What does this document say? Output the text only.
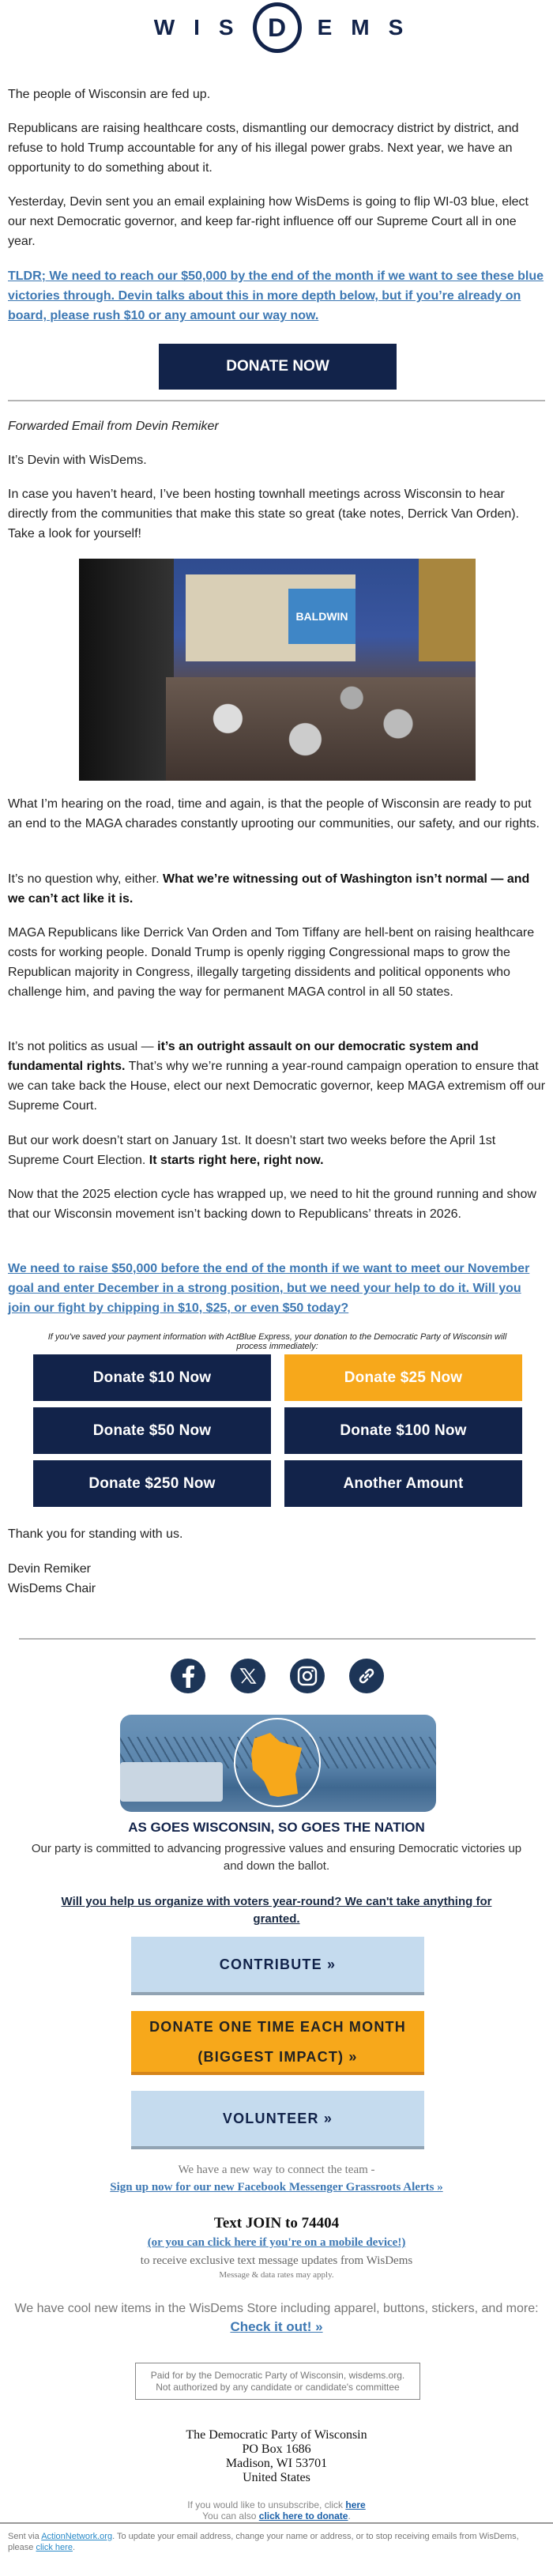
WIS D EMS

The people of Wisconsin are fed up.

Republicans are raising healthcare costs, dismantling our democracy district by district, and refuse to hold Trump accountable for any of his illegal power grabs. Next year, we have an opportunity to do something about it.

Yesterday, Devin sent you an email explaining how WisDems is going to flip WI-03 blue, elect our next Democratic governor, and keep far-right influence off our Supreme Court all in one year.

TLDR; We need to reach our $50,000 by the end of the month if we want to see these blue victories through. Devin talks about this in more depth below, but if you’re already on board, please rush $10 or any amount our way now.

DONATE NOW

Forwarded Email from Devin Remiker

It’s Devin with WisDems.

In case you haven’t heard, I’ve been hosting townhall meetings across Wisconsin to hear directly from the communities that make this state so great (take notes, Derrick Van Orden). Take a look for yourself!

BALDWIN

What I’m hearing on the road, time and again, is that the people of Wisconsin are ready to put an end to the MAGA charades constantly uprooting our communities, our safety, and our rights.

It’s no question why, either. What we’re witnessing out of Washington isn’t normal — and we can’t act like it is.

MAGA Republicans like Derrick Van Orden and Tom Tiffany are hell-bent on raising healthcare costs for working people. Donald Trump is openly rigging Congressional maps to grow the Republican majority in Congress, illegally targeting dissidents and political opponents who challenge him, and paving the way for permanent MAGA control in all 50 states.

It’s not politics as usual — it’s an outright assault on our democratic system and fundamental rights. That’s why we’re running a year-round campaign operation to ensure that we can take back the House, elect our next Democratic governor, keep MAGA extremism off our Supreme Court.

But our work doesn’t start on January 1st. It doesn’t start two weeks before the April 1st Supreme Court Election. It starts right here, right now.

Now that the 2025 election cycle has wrapped up, we need to hit the ground running and show that our Wisconsin movement isn’t backing down to Republicans’ threats in 2026.

We need to raise $50,000 before the end of the month if we want to meet our November goal and enter December in a strong position, but we need your help to do it. Will you join our fight by chipping in $10, $25, or even $50 today?

If you've saved your payment information with ActBlue Express, your donation to the Democratic Party of Wisconsin will process immediately:

Donate $10 Now	Donate $25 Now
Donate $50 Now	Donate $100 Now
Donate $250 Now	Another Amount

Thank you for standing with us.

Devin Remiker

WisDems Chair

AS GOES WISCONSIN, SO GOES THE NATION

Our party is committed to advancing progressive values and ensuring Democratic victories up and down the ballot.

Will you help us organize with voters year-round? We can't take anything for granted.

CONTRIBUTE »
DONATE ONE TIME EACH MONTH (BIGGEST IMPACT) »
VOLUNTEER »

We have a new way to connect the team -

Sign up now for our new Facebook Messenger Grassroots Alerts »

Text JOIN to 74404

(or you can click here if you're on a mobile device!)

to receive exclusive text message updates from WisDems

Message & data rates may apply.

We have cool new items in the WisDems Store including apparel, buttons, stickers, and more:

Check it out! »

Paid for by the Democratic Party of Wisconsin, wisdems.org.
Not authorized by any candidate or candidate's committee
The Democratic Party of Wisconsin
PO Box 1686
Madison, WI 53701
United States

If you would like to unsubscribe, click here

You can also click here to donate.

Sent via ActionNetwork.org. To update your email address, change your name or address, or to stop receiving emails from WisDems, please click here.
